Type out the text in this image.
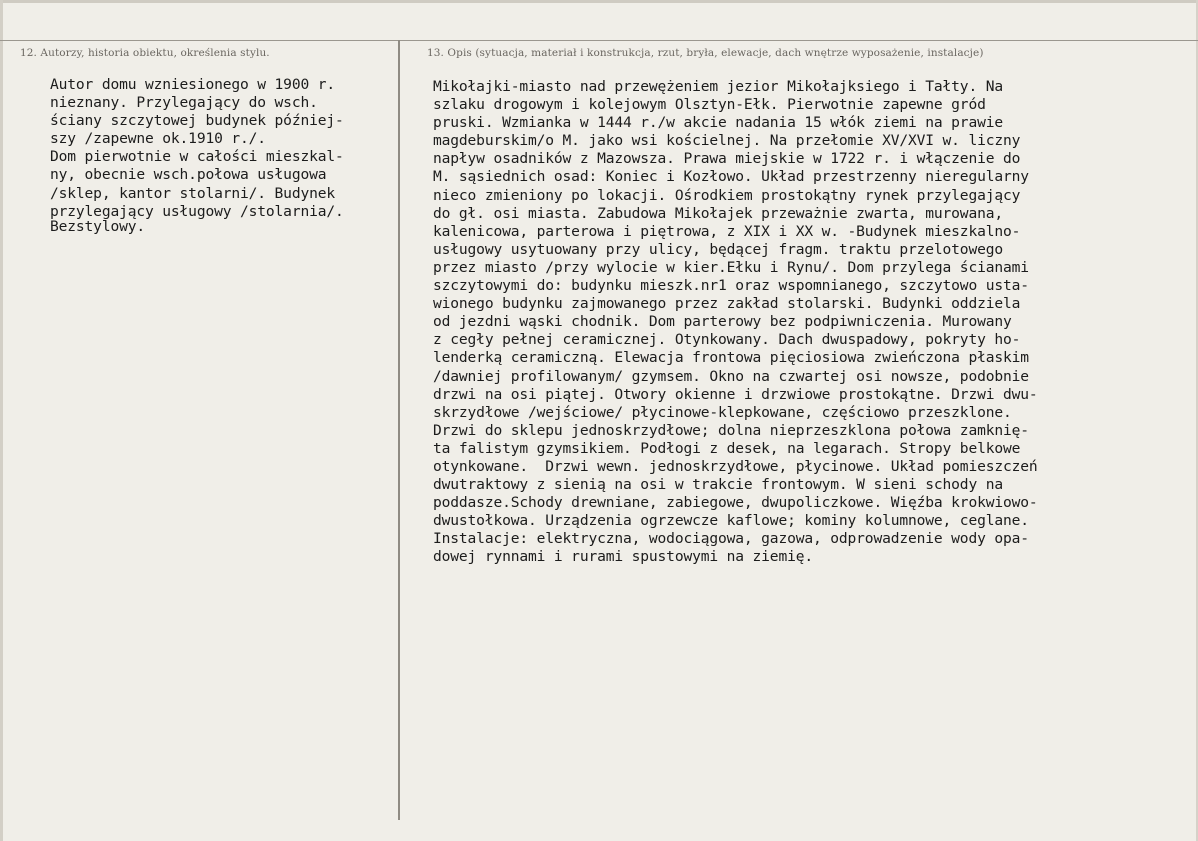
12. Autorzy, historia obiektu, określenia stylu.	13. Opis (sytuacja, materiał i konstrukcja, rzut, bryła, elewacje, dach wnętrze wyposażenie, instalacje)
Autor domu wzniesionego w 1900 r.
nieznany. Przylegający do wsch.
ściany szczytowej budynek później-
szy /zapewne ok.1910 r./.
Dom pierwotnie w całości mieszkal-
ny, obecnie wsch.połowa usługowa
/sklep, kantor stolarni/. Budynek
przylegający usługowy /stolarnia/.
Bezstylowy.
Mikołajki-miasto nad przewężeniem jezior Mikołajksiego i Tałty. Na
szlaku drogowym i kolejowym Olsztyn-Ełk. Pierwotnie zapewne gród
pruski. Wzmianka w 1444 r./w akcie nadania 15 włók ziemi na prawie
magdeburskim/o M. jako wsi kościelnej. Na przełomie XV/XVI w. liczny
napływ osadników z Mazowsza. Prawa miejskie w 1722 r. i włączenie do
M. sąsiednich osad: Koniec i Kozłowo. Układ przestrzenny nieregularny
nieco zmieniony po lokacji. Ośrodkiem prostokątny rynek przylegający
do gł. osi miasta. Zabudowa Mikołajek przeważnie zwarta, murowana,
kalenicowa, parterowa i piętrowa, z XIX i XX w. -Budynek mieszkalno-
usługowy usytuowany przy ulicy, będącej fragm. traktu przelotowego
przez miasto /przy wylocie w kier.Ełku i Rynu/. Dom przylega ścianami
szczytowymi do: budynku mieszk.nr1 oraz wspomnianego, szczytowo usta-
wionego budynku zajmowanego przez zakład stolarski. Budynki oddziela
od jezdni wąski chodnik. Dom parterowy bez podpiwniczenia. Murowany
z cegły pełnej ceramicznej. Otynkowany. Dach dwuspadowy, pokryty ho-
lenderką ceramiczną. Elewacja frontowa pięciosiowa zwieńczona płaskim
/dawniej profilowanym/ gzymsem. Okno na czwartej osi nowsze, podobnie
drzwi na osi piątej. Otwory okienne i drzwiowe prostokątne. Drzwi dwu-
skrzydłowe /wejściowe/ płycinowe-klepkowane, częściowo przeszklone.
Drzwi do sklepu jednoskrzydłowe; dolna nieprzeszklona połowa zamknię-
ta falistym gzymsikiem. Podłogi z desek, na legarach. Stropy belkowe
otynkowane.  Drzwi wewn. jednoskrzydłowe, płycinowe. Układ pomieszczeń
dwutraktowy z sienią na osi w trakcie frontowym. W sieni schody na
poddasze.Schody drewniane, zabiegowe, dwupoliczkowe. Więźba krokwiowo-
dwustołkowa. Urządzenia ogrzewcze kaflowe; kominy kolumnowe, ceglane.
Instalacje: elektryczna, wodociągowa, gazowa, odprowadzenie wody opa-
dowej rynnami i rurami spustowymi na ziemię.
